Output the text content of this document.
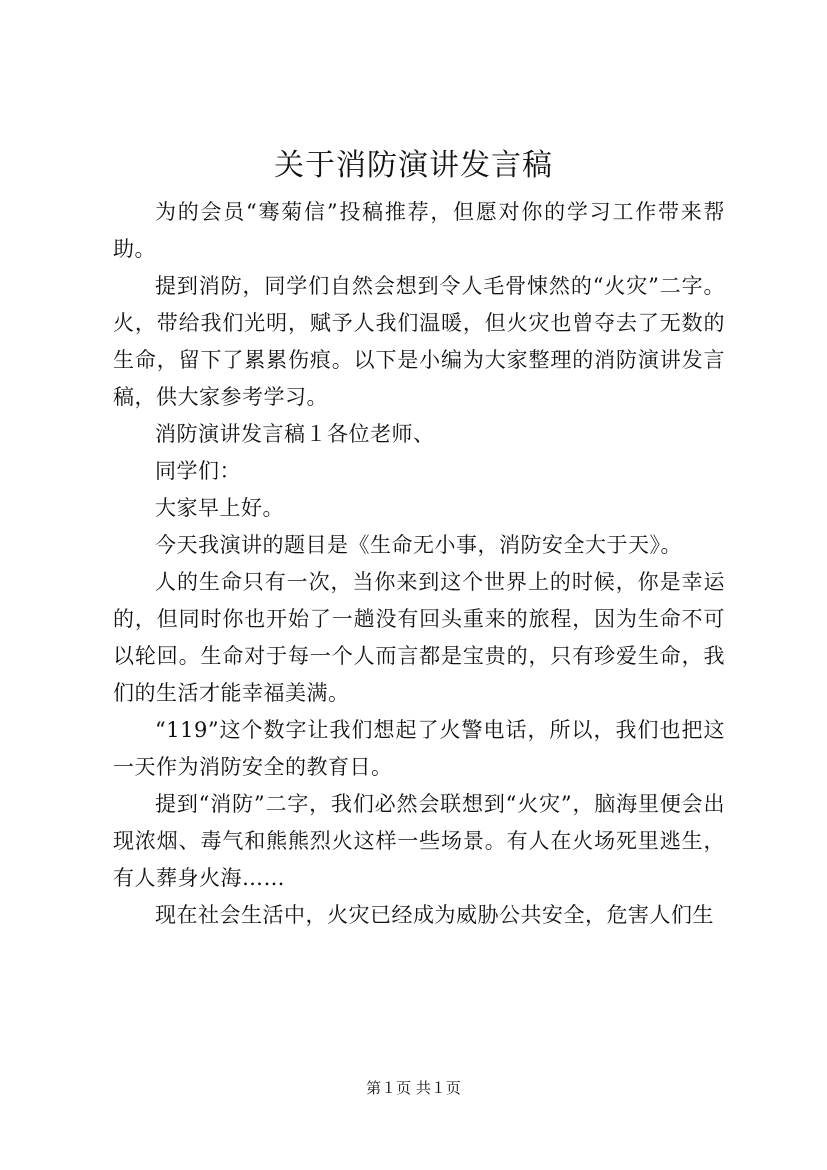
关于消防演讲发言稿

为的会员“骞菊信”投稿推荐，但愿对你的学习工作带来帮助。

提到消防，同学们自然会想到令人毛骨悚然的“火灾”二字。火，带给我们光明，赋予人我们温暖，但火灾也曾夺去了无数的生命，留下了累累伤痕。以下是小编为大家整理的消防演讲发言稿，供大家参考学习。

消防演讲发言稿１各位老师、

同学们：

大家早上好。

今天我演讲的题目是《生命无小事，消防安全大于天》。

人的生命只有一次，当你来到这个世界上的时候，你是幸运的，但同时你也开始了一趟没有回头重来的旅程，因为生命不可以轮回。生命对于每一个人而言都是宝贵的，只有珍爱生命，我们的生活才能幸福美满。

“119”这个数字让我们想起了火警电话，所以，我们也把这一天作为消防安全的教育日。

提到“消防”二字，我们必然会联想到“火灾”，脑海里便会出现浓烟、毒气和熊熊烈火这样一些场景。有人在火场死里逃生，有人葬身火海……

现在社会生活中，火灾已经成为威胁公共安全，危害人们生

第１页 共１页
